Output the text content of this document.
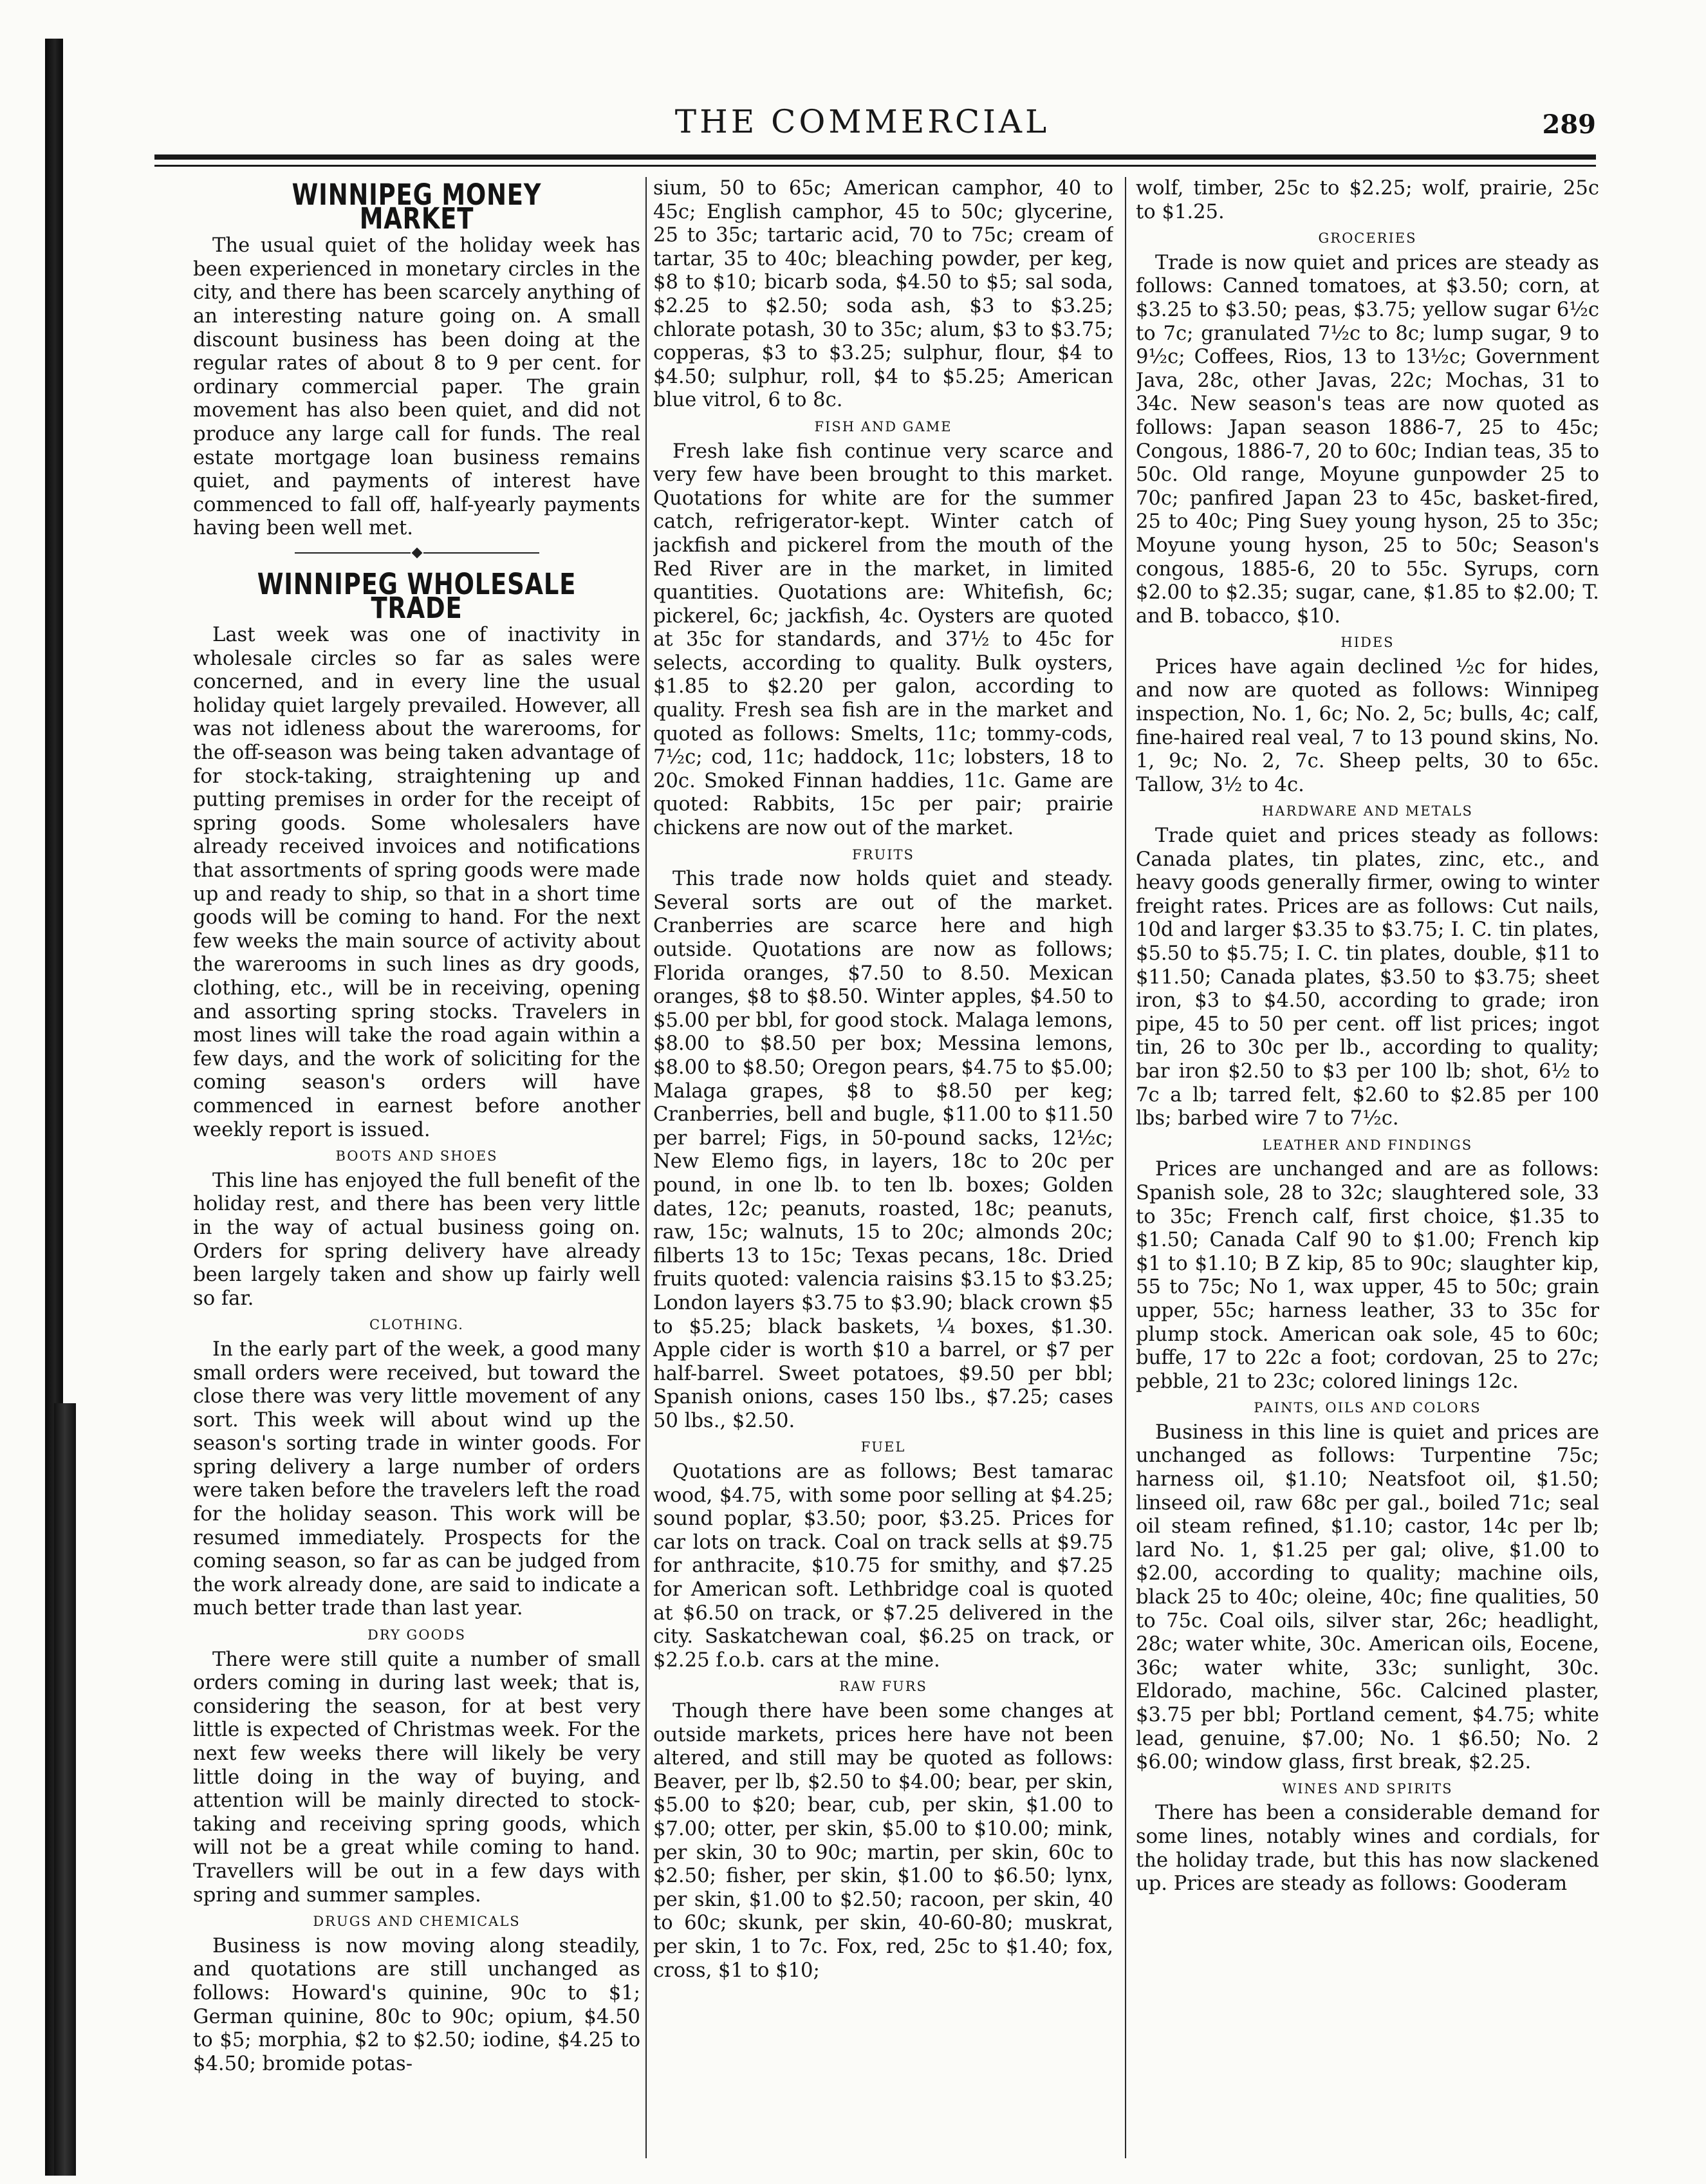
THE COMMERCIAL	289
WINNIPEG MONEY MARKET

The usual quiet of the holiday week has been experienced in monetary circles in the city, and there has been scarcely anything of an interesting nature going on. A small discount business has been doing at the regular rates of about 8 to 9 per cent. for ordinary commercial paper. The grain movement has also been quiet, and did not produce any large call for funds. The real estate mortgage loan business remains quiet, and payments of interest have commenced to fall off, half-yearly payments having been well met.

WINNIPEG WHOLESALE TRADE

Last week was one of inactivity in wholesale circles so far as sales were concerned, and in every line the usual holiday quiet largely prevailed. However, all was not idleness about the warerooms, for the off-season was being taken advantage of for stock-taking, straightening up and putting premises in order for the receipt of spring goods. Some wholesalers have already received invoices and notifications that assortments of spring goods were made up and ready to ship, so that in a short time goods will be coming to hand. For the next few weeks the main source of activity about the warerooms in such lines as dry goods, clothing, etc., will be in receiving, opening and assorting spring stocks. Travelers in most lines will take the road again within a few days, and the work of soliciting for the coming season's orders will have commenced in earnest before another weekly report is issued.

BOOTS AND SHOES

This line has enjoyed the full benefit of the holiday rest, and there has been very little in the way of actual business going on. Orders for spring delivery have already been largely taken and show up fairly well so far.

CLOTHING.

In the early part of the week, a good many small orders were received, but toward the close there was very little movement of any sort. This week will about wind up the season's sorting trade in winter goods. For spring delivery a large number of orders were taken before the travelers left the road for the holiday season. This work will be resumed immediately. Prospects for the coming season, so far as can be judged from the work already done, are said to indicate a much better trade than last year.

DRY GOODS

There were still quite a number of small orders coming in during last week; that is, considering the season, for at best very little is expected of Christmas week. For the next few weeks there will likely be very little doing in the way of buying, and attention will be mainly directed to stock-taking and receiving spring goods, which will not be a great while coming to hand. Travellers will be out in a few days with spring and summer samples.

DRUGS AND CHEMICALS

Business is now moving along steadily, and quotations are still unchanged as follows: Howard's quinine, 90c to $1; German quinine, 80c to 90c; opium, $4.50 to $5; morphia, $2 to $2.50; iodine, $4.25 to $4.50; bromide potas-

sium, 50 to 65c; American camphor, 40 to 45c; English camphor, 45 to 50c; glycerine, 25 to 35c; tartaric acid, 70 to 75c; cream of tartar, 35 to 40c; bleaching powder, per keg, $8 to $10; bicarb soda, $4.50 to $5; sal soda, $2.25 to $2.50; soda ash, $3 to $3.25; chlorate potash, 30 to 35c; alum, $3 to $3.75; copperas, $3 to $3.25; sulphur, flour, $4 to $4.50; sulphur, roll, $4 to $5.25; American blue vitrol, 6 to 8c.

FISH AND GAME

Fresh lake fish continue very scarce and very few have been brought to this market. Quotations for white are for the summer catch, refrigerator-kept. Winter catch of jackfish and pickerel from the mouth of the Red River are in the market, in limited quantities. Quotations are: Whitefish, 6c; pickerel, 6c; jackfish, 4c. Oysters are quoted at 35c for standards, and 37½ to 45c for selects, according to quality. Bulk oysters, $1.85 to $2.20 per galon, according to quality. Fresh sea fish are in the market and quoted as follows: Smelts, 11c; tommy-cods, 7½c; cod, 11c; haddock, 11c; lobsters, 18 to 20c. Smoked Finnan haddies, 11c. Game are quoted: Rabbits, 15c per pair; prairie chickens are now out of the market.

FRUITS

This trade now holds quiet and steady. Several sorts are out of the market. Cranberries are scarce here and high outside. Quotations are now as follows; Florida oranges, $7.50 to 8.50. Mexican oranges, $8 to $8.50. Winter apples, $4.50 to $5.00 per bbl, for good stock. Malaga lemons, $8.00 to $8.50 per box; Messina lemons, $8.00 to $8.50; Oregon pears, $4.75 to $5.00; Malaga grapes, $8 to $8.50 per keg; Cranberries, bell and bugle, $11.00 to $11.50 per barrel; Figs, in 50-pound sacks, 12½c; New Elemo figs, in layers, 18c to 20c per pound, in one lb. to ten lb. boxes; Golden dates, 12c; peanuts, roasted, 18c; peanuts, raw, 15c; walnuts, 15 to 20c; almonds 20c; filberts 13 to 15c; Texas pecans, 18c. Dried fruits quoted: valencia raisins $3.15 to $3.25; London layers $3.75 to $3.90; black crown $5 to $5.25; black baskets, ¼ boxes, $1.30. Apple cider is worth $10 a barrel, or $7 per half-barrel. Sweet potatoes, $9.50 per bbl; Spanish onions, cases 150 lbs., $7.25; cases 50 lbs., $2.50.

FUEL

Quotations are as follows; Best tamarac wood, $4.75, with some poor selling at $4.25; sound poplar, $3.50; poor, $3.25. Prices for car lots on track. Coal on track sells at $9.75 for anthracite, $10.75 for smithy, and $7.25 for American soft. Lethbridge coal is quoted at $6.50 on track, or $7.25 delivered in the city. Saskatchewan coal, $6.25 on track, or $2.25 f.o.b. cars at the mine.

RAW FURS

Though there have been some changes at outside markets, prices here have not been altered, and still may be quoted as follows: Beaver, per lb, $2.50 to $4.00; bear, per skin, $5.00 to $20; bear, cub, per skin, $1.00 to $7.00; otter, per skin, $5.00 to $10.00; mink, per skin, 30 to 90c; martin, per skin, 60c to $2.50; fisher, per skin, $1.00 to $6.50; lynx, per skin, $1.00 to $2.50; racoon, per skin, 40 to 60c; skunk, per skin, 40-60-80; muskrat, per skin, 1 to 7c. Fox, red, 25c to $1.40; fox, cross, $1 to $10;

wolf, timber, 25c to $2.25; wolf, prairie, 25c to $1.25.

GROCERIES

Trade is now quiet and prices are steady as follows: Canned tomatoes, at $3.50; corn, at $3.25 to $3.50; peas, $3.75; yellow sugar 6½c to 7c; granulated 7½c to 8c; lump sugar, 9 to 9½c; Coffees, Rios, 13 to 13½c; Government Java, 28c, other Javas, 22c; Mochas, 31 to 34c. New season's teas are now quoted as follows: Japan season 1886-7, 25 to 45c; Congous, 1886-7, 20 to 60c; Indian teas, 35 to 50c. Old range, Moyune gunpowder 25 to 70c; panfired Japan 23 to 45c, basket-fired, 25 to 40c; Ping Suey young hyson, 25 to 35c; Moyune young hyson, 25 to 50c; Season's congous, 1885-6, 20 to 55c. Syrups, corn $2.00 to $2.35; sugar, cane, $1.85 to $2.00; T. and B. tobacco, $10.

HIDES

Prices have again declined ½c for hides, and now are quoted as follows: Winnipeg inspection, No. 1, 6c; No. 2, 5c; bulls, 4c; calf, fine-haired real veal, 7 to 13 pound skins, No. 1, 9c; No. 2, 7c. Sheep pelts, 30 to 65c. Tallow, 3½ to 4c.

HARDWARE AND METALS

Trade quiet and prices steady as follows: Canada plates, tin plates, zinc, etc., and heavy goods generally firmer, owing to winter freight rates. Prices are as follows: Cut nails, 10d and larger $3.35 to $3.75; I. C. tin plates, $5.50 to $5.75; I. C. tin plates, double, $11 to $11.50; Canada plates, $3.50 to $3.75; sheet iron, $3 to $4.50, according to grade; iron pipe, 45 to 50 per cent. off list prices; ingot tin, 26 to 30c per lb., according to quality; bar iron $2.50 to $3 per 100 lb; shot, 6½ to 7c a lb; tarred felt, $2.60 to $2.85 per 100 lbs; barbed wire 7 to 7½c.

LEATHER AND FINDINGS

Prices are unchanged and are as follows: Spanish sole, 28 to 32c; slaughtered sole, 33 to 35c; French calf, first choice, $1.35 to $1.50; Canada Calf 90 to $1.00; French kip $1 to $1.10; B Z kip, 85 to 90c; slaughter kip, 55 to 75c; No 1, wax upper, 45 to 50c; grain upper, 55c; harness leather, 33 to 35c for plump stock. American oak sole, 45 to 60c; buffe, 17 to 22c a foot; cordovan, 25 to 27c; pebble, 21 to 23c; colored linings 12c.

PAINTS, OILS AND COLORS

Business in this line is quiet and prices are unchanged as follows: Turpentine 75c; harness oil, $1.10; Neatsfoot oil, $1.50; linseed oil, raw 68c per gal., boiled 71c; seal oil steam refined, $1.10; castor, 14c per lb; lard No. 1, $1.25 per gal; olive, $1.00 to $2.00, according to quality; machine oils, black 25 to 40c; oleine, 40c; fine qualities, 50 to 75c. Coal oils, silver star, 26c; headlight, 28c; water white, 30c. American oils, Eocene, 36c; water white, 33c; sunlight, 30c. Eldorado, machine, 56c. Calcined plaster, $3.75 per bbl; Portland cement, $4.75; white lead, genuine, $7.00; No. 1 $6.50; No. 2 $6.00; window glass, first break, $2.25.

WINES AND SPIRITS

There has been a considerable demand for some lines, notably wines and cordials, for the holiday trade, but this has now slackened up. Prices are steady as follows: Gooderam
